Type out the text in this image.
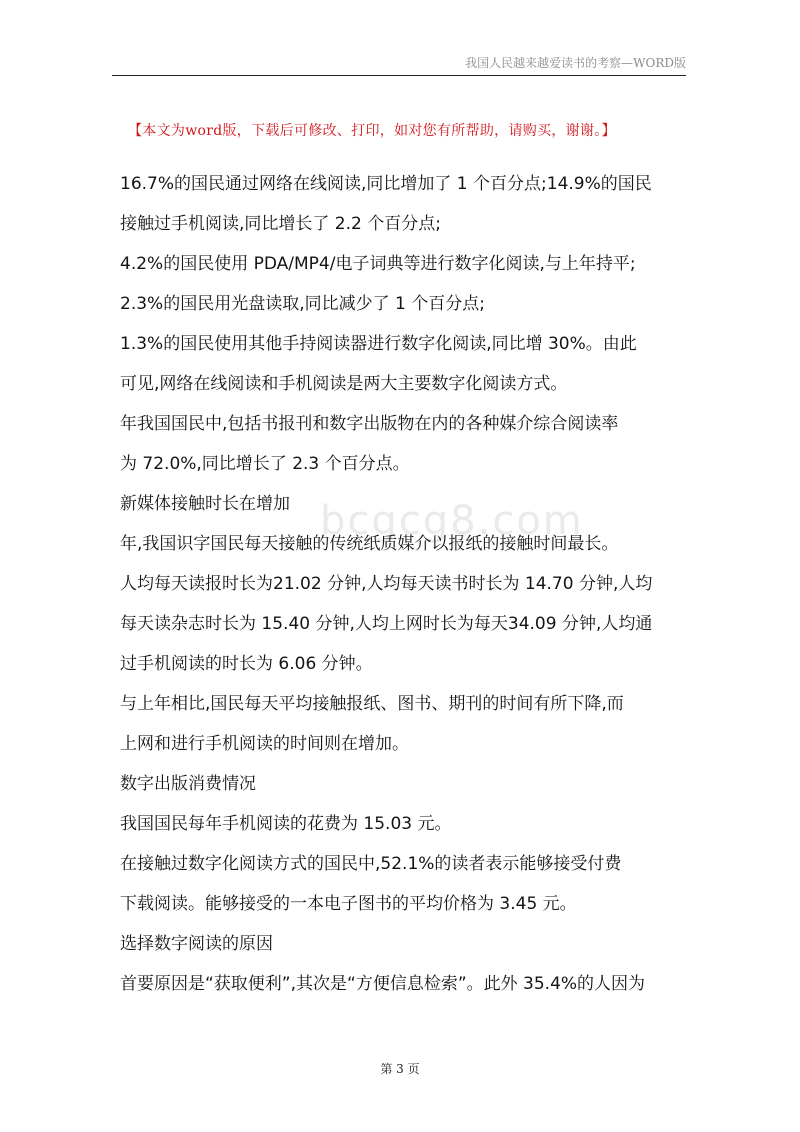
我国人民越来越爱读书的考察—WORD版
【本文为word版，下载后可修改、打印，如对您有所帮助，请购买，谢谢。】
bcgcg8.com
16.7%的国民通过网络在线阅读,同比增加了 1 个百分点;14.9%的国民
接触过手机阅读,同比增长了 2.2 个百分点;
4.2%的国民使用 PDA/MP4/电子词典等进行数字化阅读,与上年持平;
2.3%的国民用光盘读取,同比减少了 1 个百分点;
1.3%的国民使用其他手持阅读器进行数字化阅读,同比增 30%。由此
可见,网络在线阅读和手机阅读是两大主要数字化阅读方式。
年我国国民中,包括书报刊和数字出版物在内的各种媒介综合阅读率
为 72.0%,同比增长了 2.3 个百分点。
新媒体接触时长在增加
年,我国识字国民每天接触的传统纸质媒介以报纸的接触时间最长。
人均每天读报时长为21.02 分钟,人均每天读书时长为 14.70 分钟,人均
每天读杂志时长为 15.40 分钟,人均上网时长为每天34.09 分钟,人均通
过手机阅读的时长为 6.06 分钟。
与上年相比,国民每天平均接触报纸、图书、期刊的时间有所下降,而
上网和进行手机阅读的时间则在增加。
数字出版消费情况
我国国民每年手机阅读的花费为 15.03 元。
在接触过数字化阅读方式的国民中,52.1%的读者表示能够接受付费
下载阅读。能够接受的一本电子图书的平均价格为 3.45 元。
选择数字阅读的原因
首要原因是“获取便利”,其次是“方便信息检索”。此外 35.4%的人因为
第 3 页
